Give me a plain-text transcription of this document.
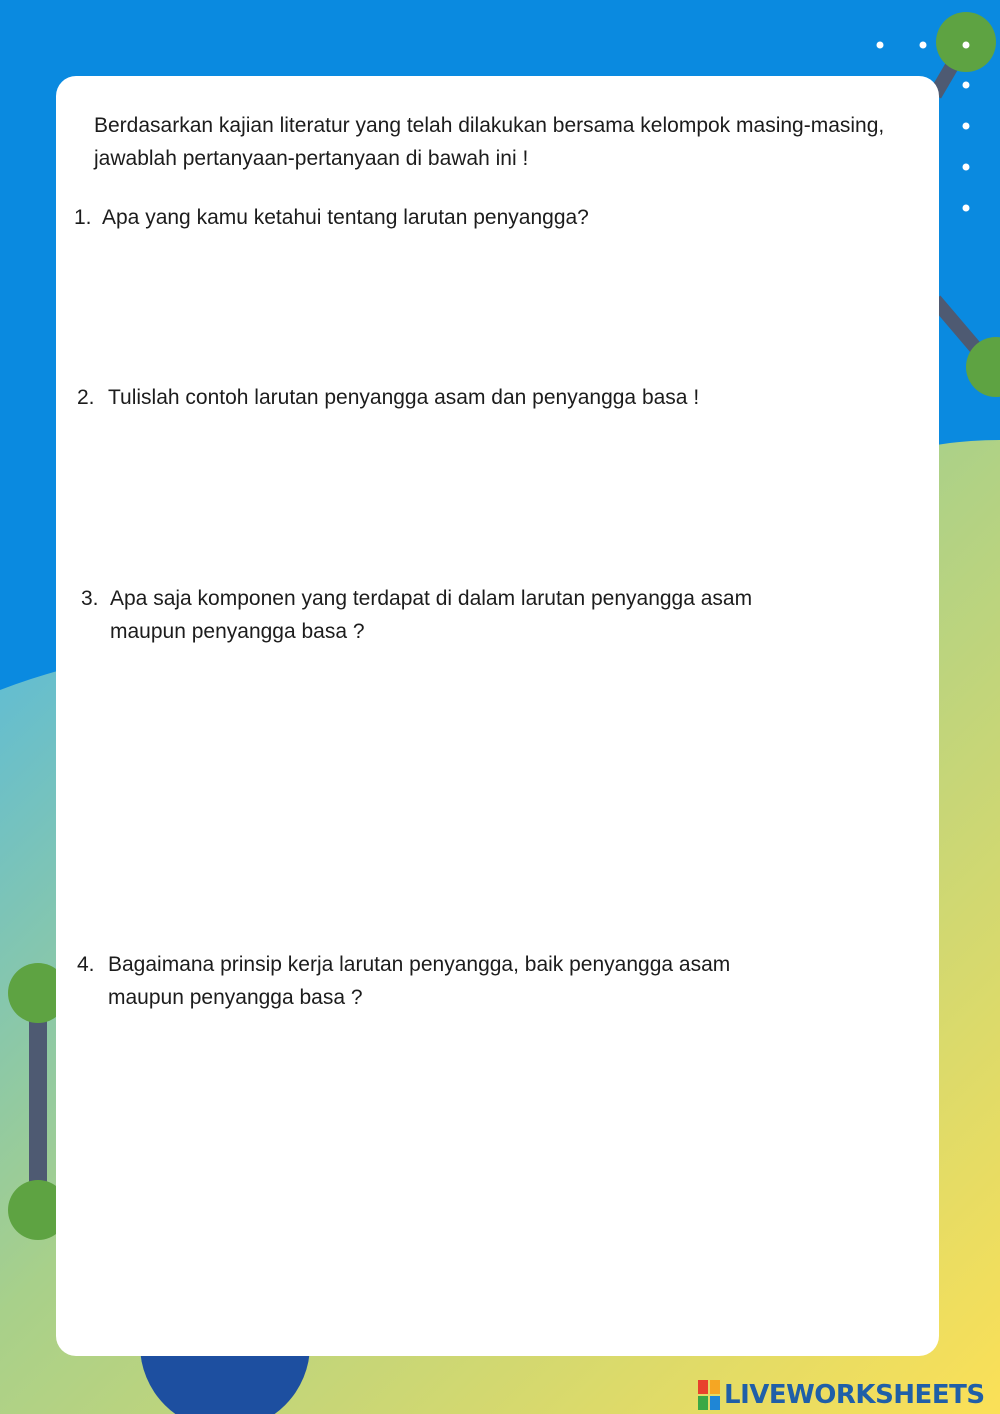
Berdasarkan kajian literatur yang telah dilakukan bersama kelompok masing-masing, jawablah pertanyaan-pertanyaan di bawah ini !

1. Apa yang kamu ketahui tentang larutan penyangga?
2. Tulislah contoh larutan penyangga asam dan penyangga basa !
3. Apa saja komponen yang terdapat di dalam larutan penyangga asam maupun penyangga basa ?
4. Bagaimana prinsip kerja larutan penyangga, baik penyangga asam maupun penyangga basa ?
LIVEWORKSHEETS
